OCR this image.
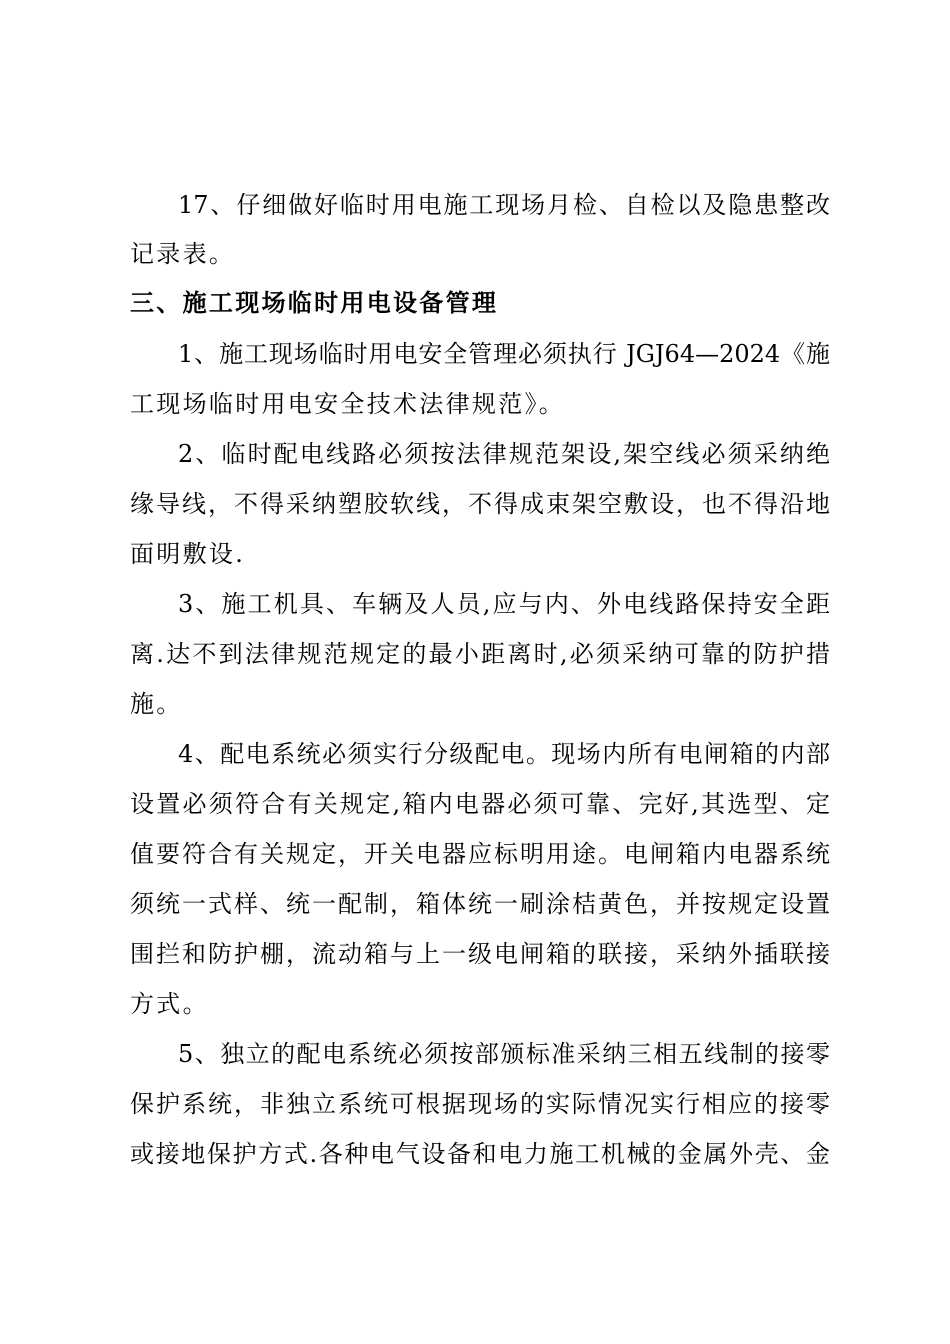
17、仔细做好临时用电施工现场月检、自检以及隐患整改
记录表。
三、施工现场临时用电设备管理
1、施工现场临时用电安全管理必须执行 JGJ64—2024《施
工现场临时用电安全技术法律规范》。
2、临时配电线路必须按法律规范架设,架空线必须采纳绝
缘导线，不得采纳塑胶软线，不得成束架空敷设，也不得沿地
面明敷设.
3、施工机具、车辆及人员,应与内、外电线路保持安全距
离.达不到法律规范规定的最小距离时,必须采纳可靠的防护措
施。
4、配电系统必须实行分级配电。现场内所有电闸箱的内部
设置必须符合有关规定,箱内电器必须可靠、完好,其选型、定
值要符合有关规定，开关电器应标明用途。电闸箱内电器系统
须统一式样、统一配制，箱体统一刷涂桔黄色，并按规定设置
围拦和防护棚，流动箱与上一级电闸箱的联接，采纳外插联接
方式。
5、独立的配电系统必须按部颁标准采纳三相五线制的接零
保护系统，非独立系统可根据现场的实际情况实行相应的接零
或接地保护方式.各种电气设备和电力施工机械的金属外壳、金
